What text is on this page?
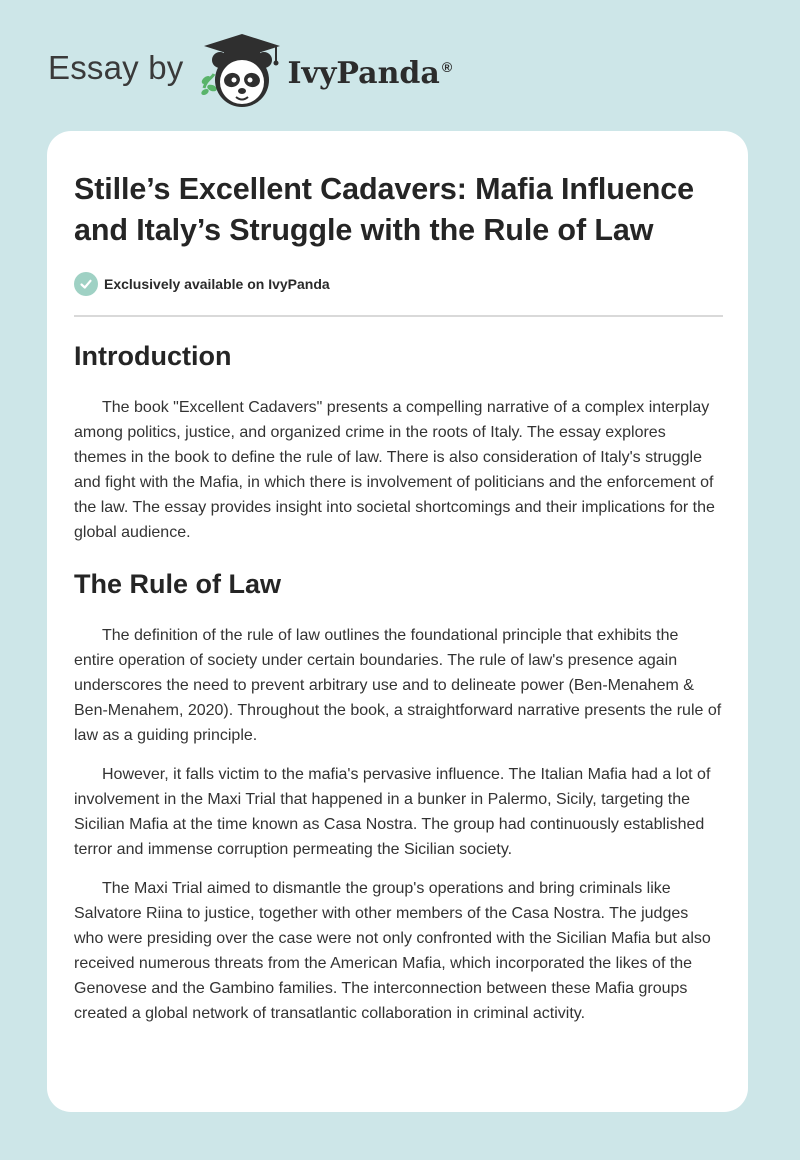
Essay by	IvyPanda ®
Stille’s Excellent Cadavers: Mafia Influence and Italy’s Struggle with the Rule of Law
Exclusively available on IvyPanda
Introduction

The book "Excellent Cadavers" presents a compelling narrative of a complex interplay among politics, justice, and organized crime in the roots of Italy. The essay explores themes in the book to define the rule of law. There is also consideration of Italy's struggle and fight with the Mafia, in which there is involvement of politicians and the enforcement of the law. The essay provides insight into societal shortcomings and their implications for the global audience.

The Rule of Law

The definition of the rule of law outlines the foundational principle that exhibits the entire operation of society under certain boundaries. The rule of law's presence again underscores the need to prevent arbitrary use and to delineate power (Ben-Menahem & Ben-Menahem, 2020). Throughout the book, a straightforward narrative presents the rule of law as a guiding principle.

However, it falls victim to the mafia's pervasive influence. The Italian Mafia had a lot of involvement in the Maxi Trial that happened in a bunker in Palermo, Sicily, targeting the Sicilian Mafia at the time known as Casa Nostra. The group had continuously established terror and immense corruption permeating the Sicilian society.

The Maxi Trial aimed to dismantle the group's operations and bring criminals like Salvatore Riina to justice, together with other members of the Casa Nostra. The judges who were presiding over the case were not only confronted with the Sicilian Mafia but also received numerous threats from the American Mafia, which incorporated the likes of the Genovese and the Gambino families. The interconnection between these Mafia groups created a global network of transatlantic collaboration in criminal activity.
